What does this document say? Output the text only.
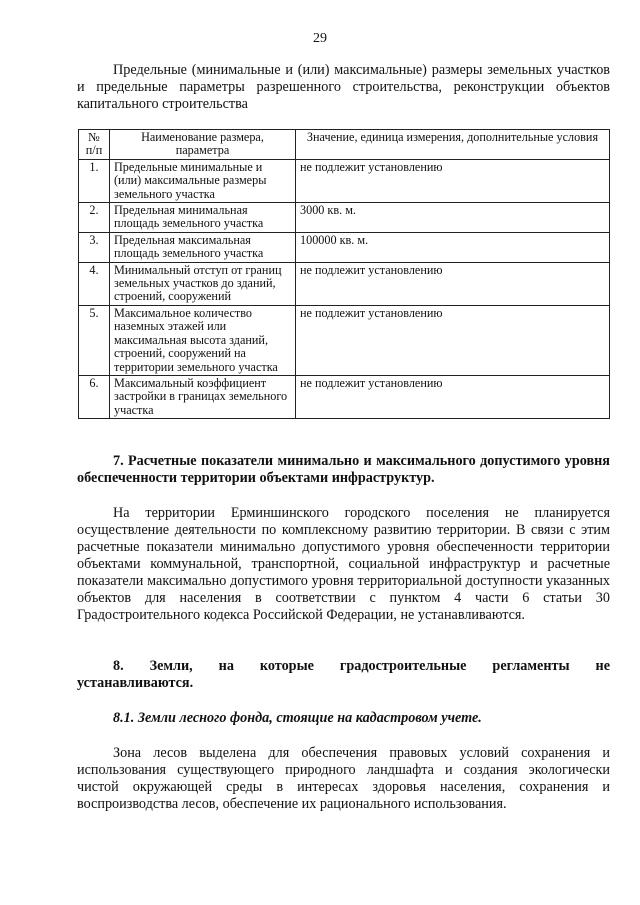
29

Предельные (минимальные и (или) максимальные) размеры земельных участков и предельные параметры разрешенного строительства, реконструкции объектов капитального строительства

№ п/п	Наименование размера, параметра	Значение, единица измерения, дополнительные условия
1.	Предельные минимальные и (или) максимальные размеры земельного участка	не подлежит установлению
2.	Предельная минимальная площадь земельного участка	3000 кв. м.
3.	Предельная максимальная площадь земельного участка	100000 кв. м.
4.	Минимальный отступ от границ земельных участков до зданий, строений, сооружений	не подлежит установлению
5.	Максимальное количество наземных этажей или максимальная высота зданий, строений, сооружений на территории земельного участка	не подлежит установлению
6.	Максимальный коэффициент застройки в границах земельного участка	не подлежит установлению

7. Расчетные показатели минимально и максимального допустимого уровня обеспеченности территории объектами инфраструктур.

На территории Ерминшинского городского поселения не планируется осуществление деятельности по комплексному развитию территории. В связи с этим расчетные показатели минимально допустимого уровня обеспеченности территории объектами коммунальной, транспортной, социальной инфраструктур и расчетные показатели максимально допустимого уровня территориальной доступности указанных объектов для населения в соответствии с пунктом 4 части 6 статьи 30 Градостроительного кодекса Российской Федерации, не устанавливаются.

8. Земли, на которые градостроительные регламенты не

устанавливаются.

8.1. Земли лесного фонда, стоящие на кадастровом учете.

Зона лесов выделена для обеспечения правовых условий сохранения и использования существующего природного ландшафта и создания экологически чистой окружающей среды в интересах здоровья населения, сохранения и воспроизводства лесов, обеспечение их рационального использования.
